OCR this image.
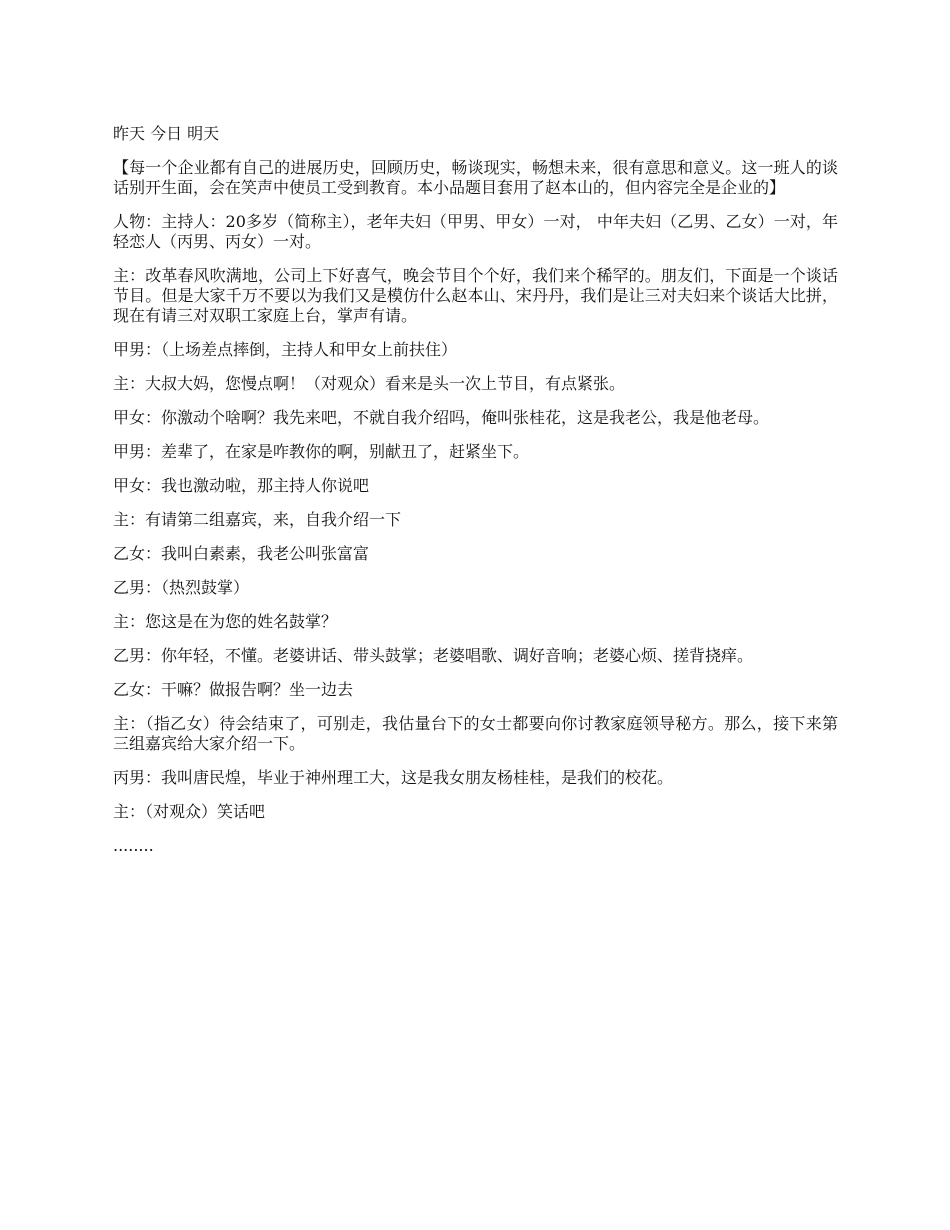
昨天 今日 明天

【每一个企业都有自己的进展历史，回顾历史，畅谈现实，畅想未来，很有意思和意义。这一班人的谈话别开生面，会在笑声中使员工受到教育。本小品题目套用了赵本山的，但内容完全是企业的】

人物：主持人：20多岁（简称主），老年夫妇（甲男、甲女）一对， 中年夫妇（乙男、乙女）一对，年轻恋人（丙男、丙女）一对。

主：改革春风吹满地，公司上下好喜气，晚会节目个个好，我们来个稀罕的。朋友们，下面是一个谈话节目。但是大家千万不要以为我们又是模仿什么赵本山、宋丹丹，我们是让三对夫妇来个谈话大比拼，现在有请三对双职工家庭上台，掌声有请。

甲男：（上场差点摔倒，主持人和甲女上前扶住）

主：大叔大妈，您慢点啊！（对观众）看来是头一次上节目，有点紧张。

甲女：你激动个啥啊？我先来吧，不就自我介绍吗，俺叫张桂花，这是我老公，我是他老母。

甲男：差辈了，在家是咋教你的啊，别献丑了，赶紧坐下。

甲女：我也激动啦，那主持人你说吧

主：有请第二组嘉宾，来，自我介绍一下

乙女：我叫白素素，我老公叫张富富

乙男：（热烈鼓掌）

主：您这是在为您的姓名鼓掌？

乙男：你年轻，不懂。老婆讲话、带头鼓掌；老婆唱歌、调好音响；老婆心烦、搓背挠痒。

乙女：干嘛？做报告啊？坐一边去

主：（指乙女）待会结束了，可别走，我估量台下的女士都要向你讨教家庭领导秘方。那么，接下来第三组嘉宾给大家介绍一下。

丙男：我叫唐民煌，毕业于神州理工大，这是我女朋友杨桂桂，是我们的校花。

主：（对观众）笑话吧

........
